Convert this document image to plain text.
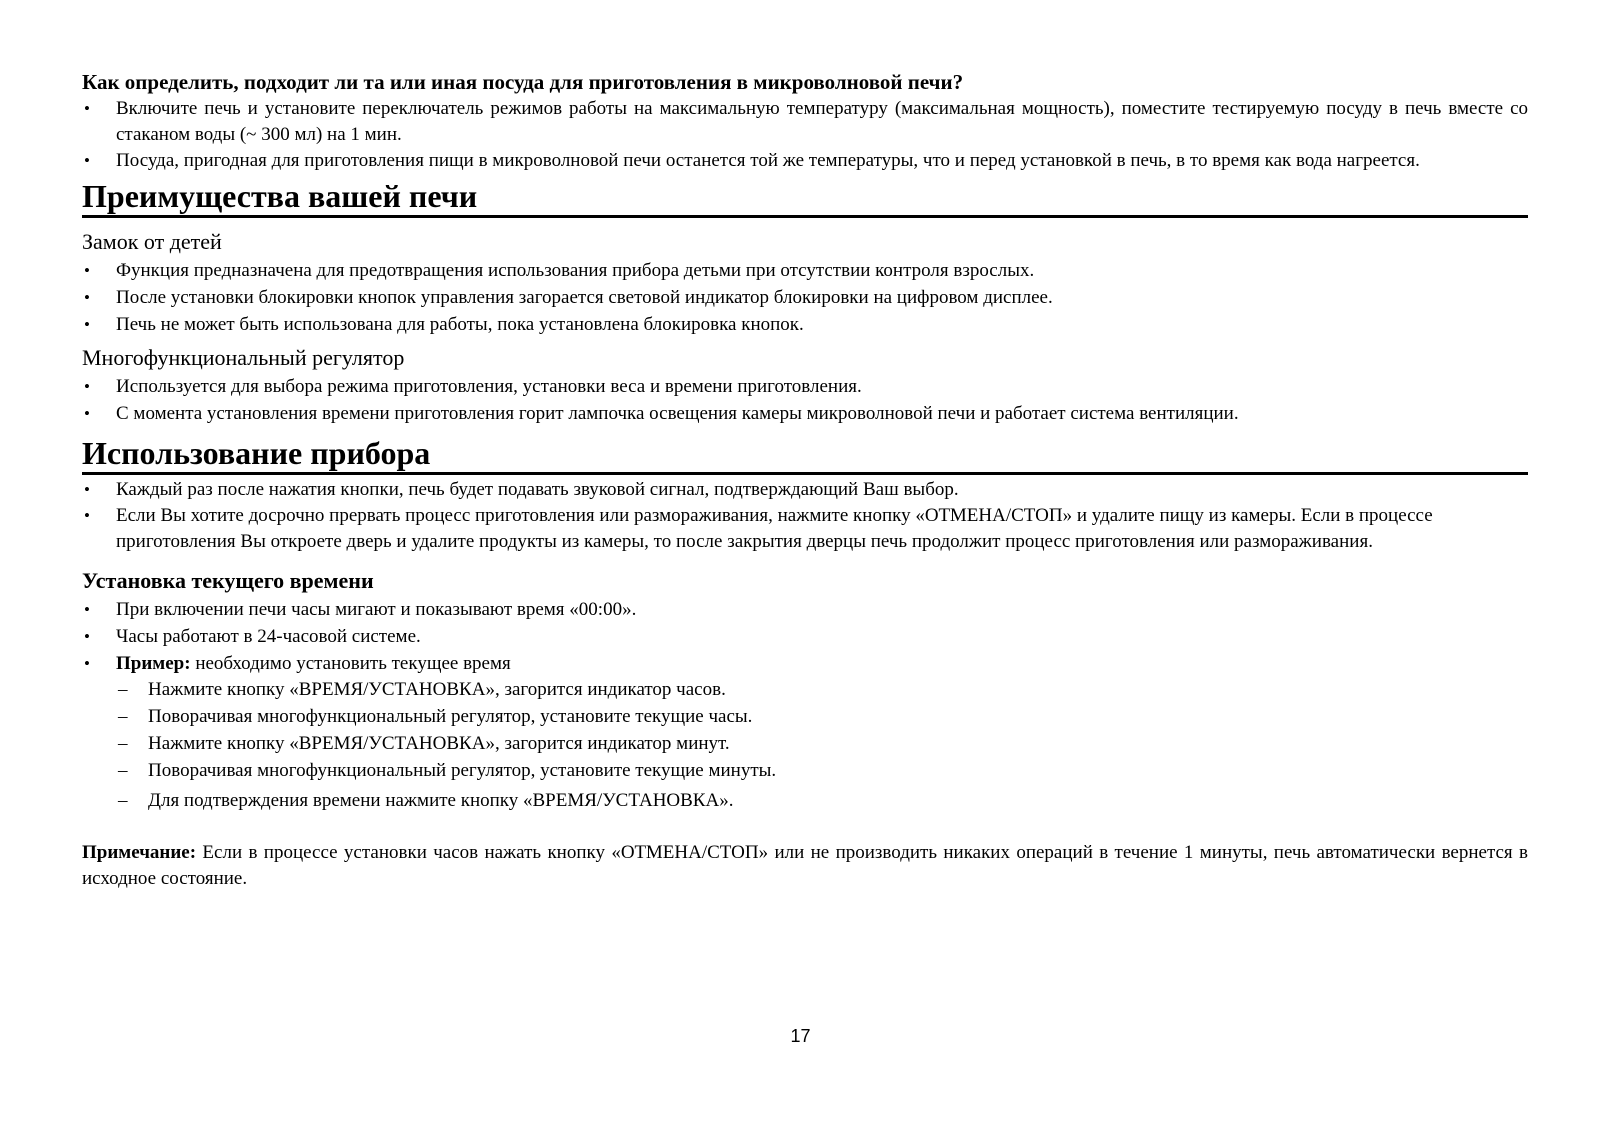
Как определить, подходит ли та или иная посуда для приготовления в микроволновой печи?

• Включите печь и установите переключатель режимов работы на максимальную температуру (максимальная мощность), поместите тестируемую посуду в печь вместе со стаканом воды (~ 300 мл) на 1 мин.
• Посуда, пригодная для приготовления пищи в микроволновой печи останется той же температуры, что и перед установкой в печь, в то время как вода нагреется.
Преимущества вашей печи

Замок от детей

• Функция предназначена для предотвращения использования прибора детьми при отсутствии контроля взрослых.
• После установки блокировки кнопок управления загорается световой индикатор блокировки на цифровом дисплее.
• Печь не может быть использована для работы, пока установлена блокировка кнопок.

Многофункциональный регулятор

• Используется для выбора режима приготовления, установки веса и времени приготовления.
• С момента установления времени приготовления горит лампочка освещения камеры микроволновой печи и работает система вентиляции.
Использование прибора
• Каждый раз после нажатия кнопки, печь будет подавать звуковой сигнал, подтверждающий Ваш выбор.
• Если Вы хотите досрочно прервать процесс приготовления или размораживания, нажмите кнопку «ОТМЕНА/СТОП» и удалите пищу из камеры. Если в процессе приготовления Вы откроете дверь и удалите продукты из камеры, то после закрытия дверцы печь продолжит процесс приготовления или размораживания.

Установка текущего времени

• При включении печи часы мигают и показывают время «00:00».
• Часы работают в 24-часовой системе.
• Пример: необходимо установить текущее время
– Нажмите кнопку «ВРЕМЯ/УСТАНОВКА», загорится индикатор часов.
– Поворачивая многофункциональный регулятор, установите текущие часы.
– Нажмите кнопку «ВРЕМЯ/УСТАНОВКА», загорится индикатор минут.
– Поворачивая многофункциональный регулятор, установите текущие минуты.
– Для подтверждения времени нажмите кнопку «ВРЕМЯ/УСТАНОВКА».

Примечание: Если в процессе установки часов нажать кнопку «ОТМЕНА/СТОП» или не производить никаких операций в течение 1 минуты, печь автоматически вернется в исходное состояние.

17
